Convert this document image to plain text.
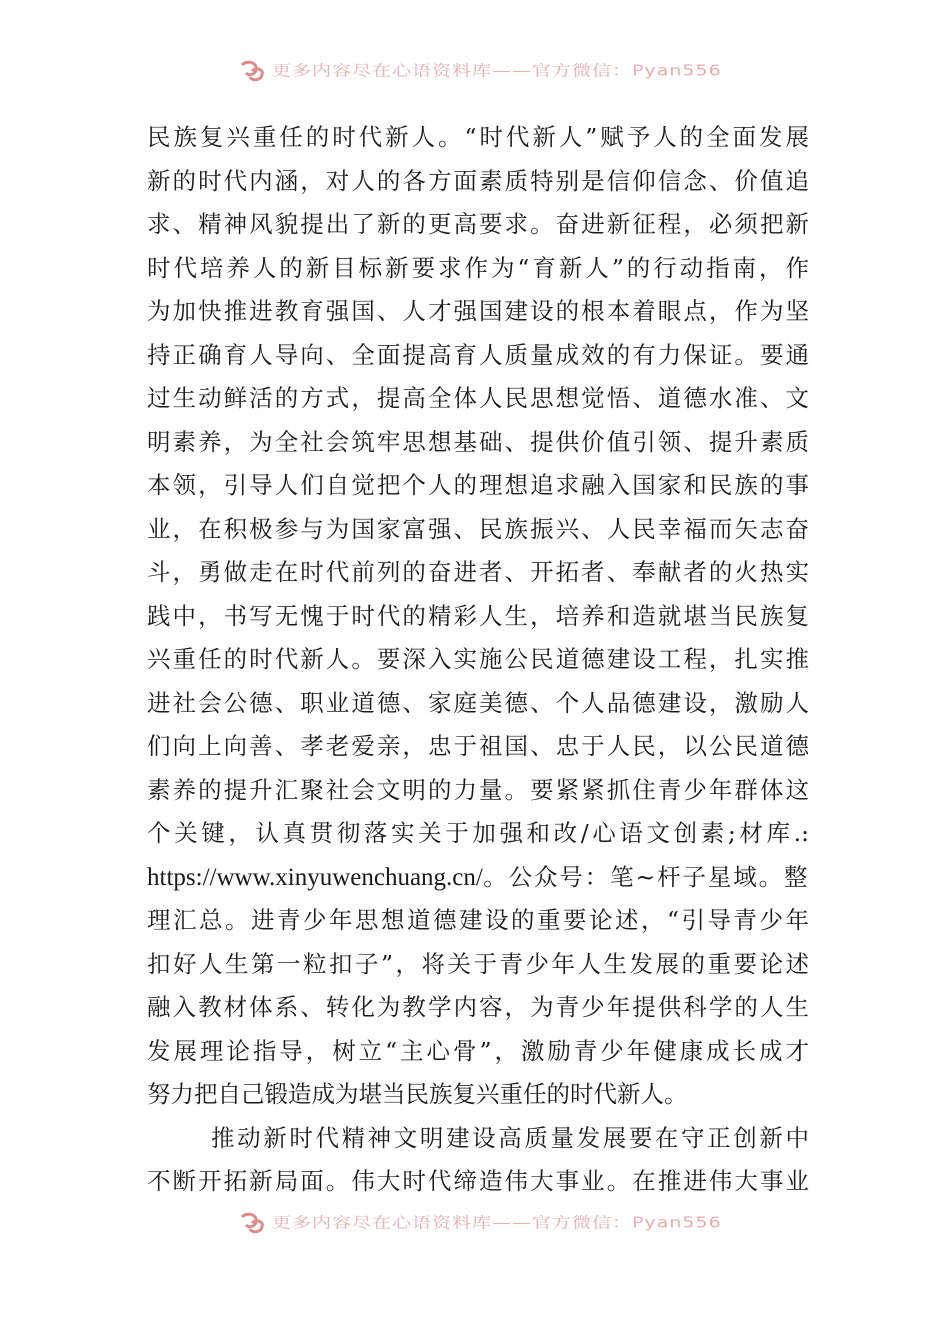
更多内容尽在心语资料库——官方微信：Pyan556
民族复兴重任的时代新人。“时代新人”赋予人的全面发展
新的时代内涵，对人的各方面素质特别是信仰信念、价值追
求、精神风貌提出了新的更高要求。奋进新征程，必须把新
时代培养人的新目标新要求作为“育新人”的行动指南，作
为加快推进教育强国、人才强国建设的根本着眼点，作为坚
持正确育人导向、全面提高育人质量成效的有力保证。要通
过生动鲜活的方式，提高全体人民思想觉悟、道德水准、文
明素养，为全社会筑牢思想基础、提供价值引领、提升素质
本领，引导人们自觉把个人的理想追求融入国家和民族的事
业，在积极参与为国家富强、民族振兴、人民幸福而矢志奋
斗，勇做走在时代前列的奋进者、开拓者、奉献者的火热实
践中，书写无愧于时代的精彩人生，培养和造就堪当民族复
兴重任的时代新人。要深入实施公民道德建设工程，扎实推
进社会公德、职业道德、家庭美德、个人品德建设，激励人
们向上向善、孝老爱亲，忠于祖国、忠于人民，以公民道德
素养的提升汇聚社会文明的力量。要紧紧抓住青少年群体这
个关键，认真贯彻落实关于加强和改/心语文创素;材库.:
https://www.xinyuwenchuang.cn/。公众号：笔~杆子星域。整
理汇总。进青少年思想道德建设的重要论述，“引导青少年
扣好人生第一粒扣子”，将关于青少年人生发展的重要论述
融入教材体系、转化为教学内容，为青少年提供科学的人生
发展理论指导，树立“主心骨”，激励青少年健康成长成才
努力把自己锻造成为堪当民族复兴重任的时代新人。
推动新时代精神文明建设高质量发展要在守正创新中
不断开拓新局面。伟大时代缔造伟大事业。在推进伟大事业
更多内容尽在心语资料库——官方微信：Pyan556
